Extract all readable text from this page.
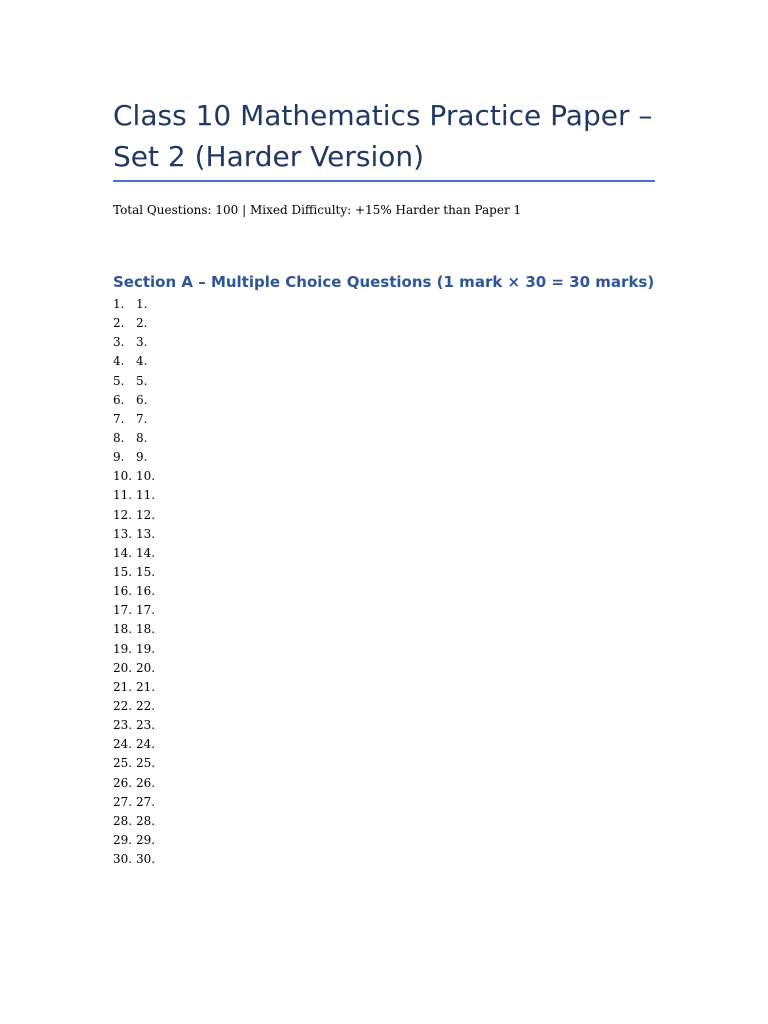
Class 10 Mathematics Practice Paper – Set 2 (Harder Version)
Total Questions: 100 | Mixed Difficulty: +15% Harder than Paper 1
Section A – Multiple Choice Questions (1 mark × 30 = 30 marks)
1. 1.
2. 2.
3. 3.
4. 4.
5. 5.
6. 6.
7. 7.
8. 8.
9. 9.
10. 10.
11. 11.
12. 12.
13. 13.
14. 14.
15. 15.
16. 16.
17. 17.
18. 18.
19. 19.
20. 20.
21. 21.
22. 22.
23. 23.
24. 24.
25. 25.
26. 26.
27. 27.
28. 28.
29. 29.
30. 30.
